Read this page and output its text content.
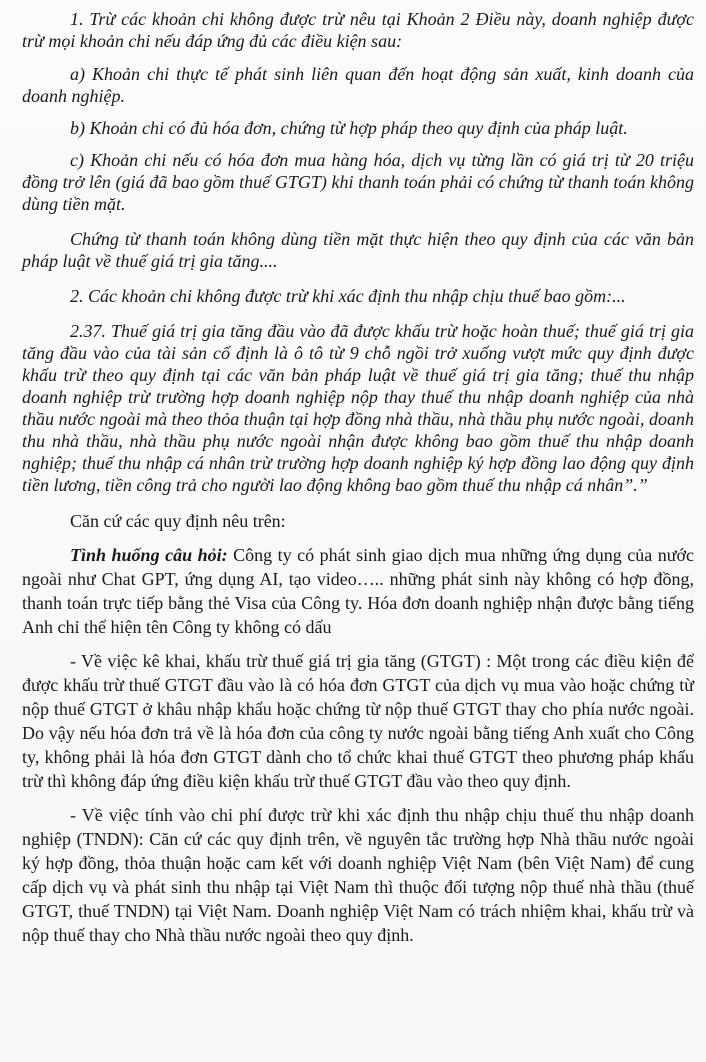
1. Trừ các khoản chi không được trừ nêu tại Khoản 2 Điều này, doanh nghiệp được trừ mọi khoản chi nếu đáp ứng đủ các điều kiện sau:

a) Khoản chi thực tế phát sinh liên quan đến hoạt động sản xuất, kinh doanh của doanh nghiệp.

b) Khoản chi có đủ hóa đơn, chứng từ hợp pháp theo quy định của pháp luật.

c) Khoản chi nếu có hóa đơn mua hàng hóa, dịch vụ từng lần có giá trị từ 20 triệu đồng trở lên (giá đã bao gồm thuế GTGT) khi thanh toán phải có chứng từ thanh toán không dùng tiền mặt.

Chứng từ thanh toán không dùng tiền mặt thực hiện theo quy định của các văn bản pháp luật về thuế giá trị gia tăng....

2. Các khoản chi không được trừ khi xác định thu nhập chịu thuế bao gồm:...

2.37. Thuế giá trị gia tăng đầu vào đã được khấu trừ hoặc hoàn thuế; thuế giá trị gia tăng đầu vào của tài sản cố định là ô tô từ 9 chỗ ngồi trở xuống vượt mức quy định được khấu trừ theo quy định tại các văn bản pháp luật về thuế giá trị gia tăng; thuế thu nhập doanh nghiệp trừ trường hợp doanh nghiệp nộp thay thuế thu nhập doanh nghiệp của nhà thầu nước ngoài mà theo thỏa thuận tại hợp đồng nhà thầu, nhà thầu phụ nước ngoài, doanh thu nhà thầu, nhà thầu phụ nước ngoài nhận được không bao gồm thuế thu nhập doanh nghiệp; thuế thu nhập cá nhân trừ trường hợp doanh nghiệp ký hợp đồng lao động quy định tiền lương, tiền công trả cho người lao động không bao gồm thuế thu nhập cá nhân”.”

Căn cứ các quy định nêu trên:

Tình huống câu hỏi: Công ty có phát sinh giao dịch mua những ứng dụng của nước ngoài như Chat GPT, ứng dụng AI, tạo video….. những phát sinh này không có hợp đồng, thanh toán trực tiếp bằng thẻ Visa của Công ty. Hóa đơn doanh nghiệp nhận được bằng tiếng Anh chỉ thể hiện tên Công ty không có dấu

- Về việc kê khai, khấu trừ thuế giá trị gia tăng (GTGT) : Một trong các điều kiện để được khấu trừ thuế GTGT đầu vào là có hóa đơn GTGT của dịch vụ mua vào hoặc chứng từ nộp thuế GTGT ở khâu nhập khẩu hoặc chứng từ nộp thuế GTGT thay cho phía nước ngoài. Do vậy nếu hóa đơn trả về là hóa đơn của công ty nước ngoài bằng tiếng Anh xuất cho Công ty, không phải là hóa đơn GTGT dành cho tổ chức khai thuế GTGT theo phương pháp khấu trừ thì không đáp ứng điều kiện khấu trừ thuế GTGT đầu vào theo quy định.

- Về việc tính vào chi phí được trừ khi xác định thu nhập chịu thuế thu nhập doanh nghiệp (TNDN): Căn cứ các quy định trên, về nguyên tắc trường hợp Nhà thầu nước ngoài ký hợp đồng, thỏa thuận hoặc cam kết với doanh nghiệp Việt Nam (bên Việt Nam) để cung cấp dịch vụ và phát sinh thu nhập tại Việt Nam thì thuộc đối tượng nộp thuế nhà thầu (thuế GTGT, thuế TNDN) tại Việt Nam. Doanh nghiệp Việt Nam có trách nhiệm khai, khấu trừ và nộp thuế thay cho Nhà thầu nước ngoài theo quy định.
